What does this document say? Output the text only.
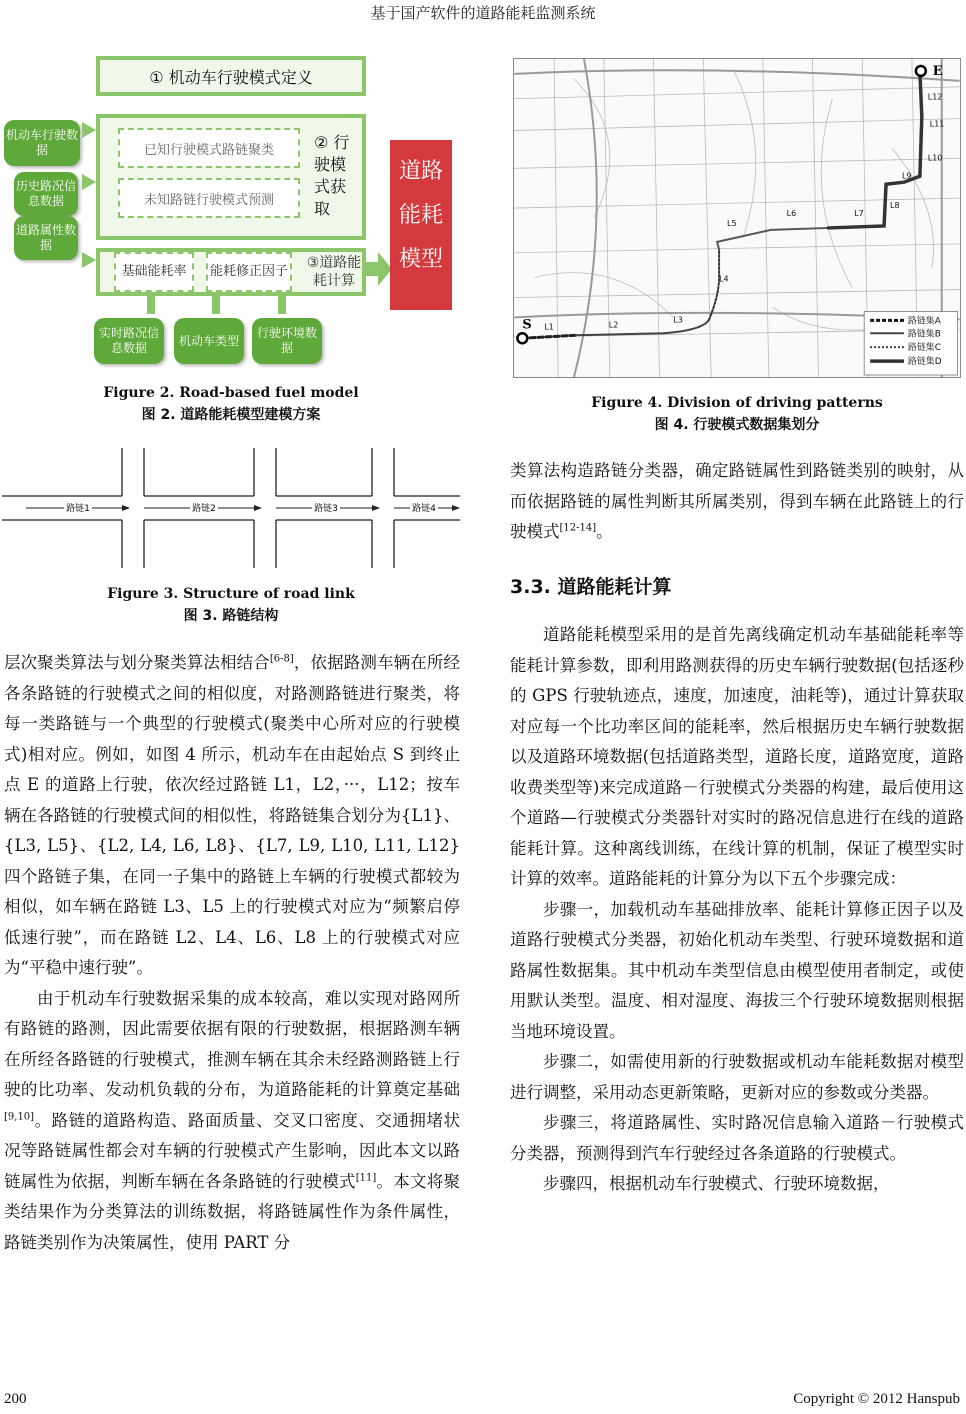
基于国产软件的道路能耗监测系统
① 机动车行驶模式定义
已知行驶模式路链聚类
未知路链行驶模式预测
② 行驶模式获取
基础能耗率	能耗修正因子
③道路能耗计算
道路能耗模型
机动车行驶数据
历史路况信息数据
道路属性数据
实时路况信息数据
机动车类型
行驶环境数据
Figure 2. Road-based fuel model
图 2. 道路能耗模型建模方案
路链1	路链2	路链3	路链4
Figure 3. Structure of road link
图 3. 路链结构
L1	L2
L3
L4
L5
L6	L7
L8
L9
L10
L11
L12
S
E
路链集A
路链集B
路链集C
路链集D
Figure 4. Division of driving patterns
图 4. 行驶模式数据集划分

层次聚类算法与划分聚类算法相结合[6-8]，依据路测车辆在所经各条路链的行驶模式之间的相似度，对路测路链进行聚类，将每一类路链与一个典型的行驶模式(聚类中心所对应的行驶模式)相对应。例如，如图 4 所示，机动车在由起始点 S 到终止点 E 的道路上行驶，依次经过路链 L1，L2，···，L12；按车辆在各路链的行驶模式间的相似性，将路链集合划分为{L1}、{L3, L5}、{L2, L4, L6, L8}、{L7, L9, L10, L11, L12}四个路链子集，在同一子集中的路链上车辆的行驶模式都较为相似，如车辆在路链 L3、L5 上的行驶模式对应为“频繁启停低速行驶”，而在路链 L2、L4、L6、L8 上的行驶模式对应为“平稳中速行驶”。

由于机动车行驶数据采集的成本较高，难以实现对路网所有路链的路测，因此需要依据有限的行驶数据，根据路测车辆在所经各路链的行驶模式，推测车辆在其余未经路测路链上行驶的比功率、发动机负载的分布，为道路能耗的计算奠定基础[9,10]。路链的道路构造、路面质量、交叉口密度、交通拥堵状况等路链属性都会对车辆的行驶模式产生影响，因此本文以路链属性为依据，判断车辆在各条路链的行驶模式[11]。本文将聚类结果作为分类算法的训练数据，将路链属性作为条件属性，路链类别作为决策属性，使用 PART 分

类算法构造路链分类器，确定路链属性到路链类别的映射，从而依据路链的属性判断其所属类别，得到车辆在此路链上的行驶模式[12-14]。

3.3. 道路能耗计算

道路能耗模型采用的是首先离线确定机动车基础能耗率等能耗计算参数，即利用路测获得的历史车辆行驶数据(包括逐秒的 GPS 行驶轨迹点，速度，加速度，油耗等)，通过计算获取对应每一个比功率区间的能耗率，然后根据历史车辆行驶数据以及道路环境数据(包括道路类型，道路长度，道路宽度，道路收费类型等)来完成道路－行驶模式分类器的构建，最后使用这个道路—行驶模式分类器针对实时的路况信息进行在线的道路能耗计算。这种离线训练，在线计算的机制，保证了模型实时计算的效率。道路能耗的计算分为以下五个步骤完成：

步骤一，加载机动车基础排放率、能耗计算修正因子以及道路行驶模式分类器，初始化机动车类型、行驶环境数据和道路属性数据集。其中机动车类型信息由模型使用者制定，或使用默认类型。温度、相对湿度、海拔三个行驶环境数据则根据当地环境设置。

步骤二，如需使用新的行驶数据或机动车能耗数据对模型进行调整，采用动态更新策略，更新对应的参数或分类器。

步骤三，将道路属性、实时路况信息输入道路－行驶模式分类器，预测得到汽车行驶经过各条道路的行驶模式。

步骤四，根据机动车行驶模式、行驶环境数据，

200	Copyright © 2012 Hanspub
